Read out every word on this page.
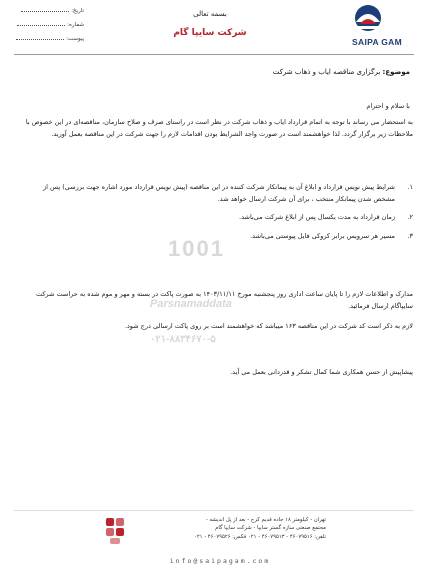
تاریخ:
شماره:
پیوست:
بسمه تعالی
شرکت سایپا گام
SAIPA GAM
موضوع: برگزاری مناقصه ایاب و ذهاب شرکت
1001
Parsnamaddata
۰۲۱-۸۸۳۴۶۷۰-۵
با سلام و احترام
به استحضار می رساند با توجه به اتمام قرارداد ایاب و ذهاب شرکت در نظر است در راستای صرف و صلاح سازمان، مناقصه‌ای در این خصوص با ملاحظات زیر برگزار گردد. لذا خواهشمند است در صورت واجد الشرایط بودن اقدامات لازم را جهت شرکت در این مناقصه بعمل آورید.
۱.
شرایط پیش نویس قرارداد و ابلاغ آن به پیمانکار شرکت کننده در این مناقصه (پیش نویس قرارداد مورد اشاره جهت بررسی) پس از مشخص شدن پیمانکار منتخب ، برای آن شرکت ارسال خواهد شد.
۲.
زمان قرارداد به مدت یکسال پس از ابلاغ شرکت می‌باشد.
۳.
مسیر هر سرویس برابر کروکی فایل پیوستی می‌باشد.
مدارک و اطلاعات لازم را تا پایان ساعت اداری روز پنجشنبه مورخ ۱۴۰۳/۱۱/۱۱ به صورت پاکت در بسته و مهر و موم شده به حراست شرکت سایپاگام ارسال فرمائید.
لازم به ذکر است کد شرکت در این مناقصه ۱۶۳ میباشد که خواهشمند است بر روی پاکت ارسالی درج شود.
پیشاپیش از حسن همکاری شما کمال تشکر و قدردانی بعمل می آید.
تهران - کیلومتر ۱۸ جاده قدیم کرج - بعد از پل اندیشه -
مجتمع صنعتی سازه گستر سایپا - شرکت سایپا گام
تلفن: ۴۶۰۷۹۵۱۶ - ۴۶۰۷۹۵۱۳ - ۰۲۱ فکس: ۴۶۰۷۹۵۲۶ - ۰۲۱
info@saipagam.com
